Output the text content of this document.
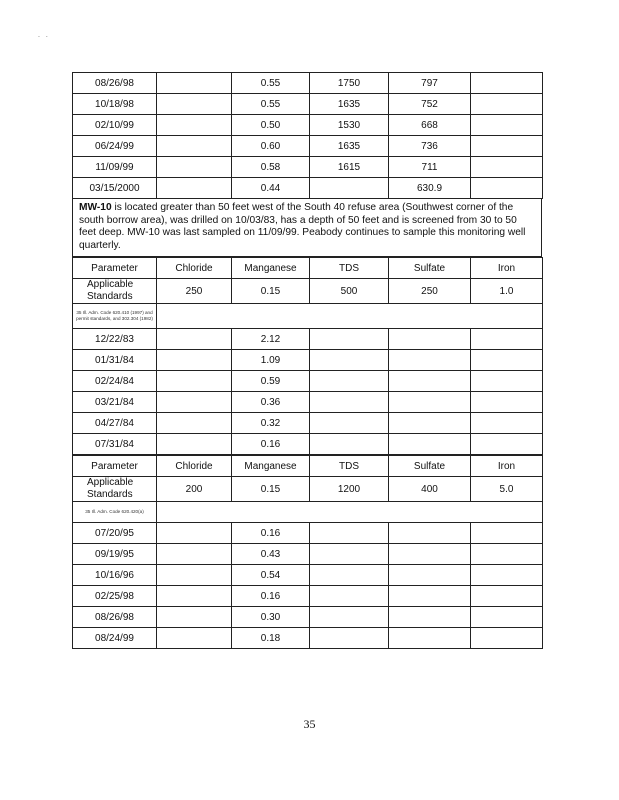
. .
08/26/98		0.55	1750	797	
10/18/98		0.55	1635	752	
02/10/99		0.50	1530	668	
06/24/99		0.60	1635	736	
11/09/99		0.58	1615	711	
03/15/2000		0.44		630.9	
MW-10 is located greater than 50 feet west of the South 40 refuse area (Southwest corner of the south borrow area), was drilled on 10/03/83, has a depth of 50 feet and is screened from 30 to 50 feet deep. MW-10 was last sampled on 11/09/99. Peabody continues to sample this monitoring well quarterly.
Parameter	Chloride	Manganese	TDS	Sulfate	Iron
Applicable Standards	250	0.15	500	250	1.0
35 Ill. Adm. Code 620.410 (1997) and permit standards, and 302.304 (1982)					
12/22/83		2.12			
01/31/84		1.09			
02/24/84		0.59			
03/21/84		0.36			
04/27/84		0.32			
07/31/84		0.16			
Parameter	Chloride	Manganese	TDS	Sulfate	Iron
Applicable Standards	200	0.15	1200	400	5.0
35 Ill. Adm. Code 620.420(a)					
07/20/95		0.16			
09/19/95		0.43			
10/16/96		0.54			
02/25/98		0.16			
08/26/98		0.30			
08/24/99		0.18			
35
